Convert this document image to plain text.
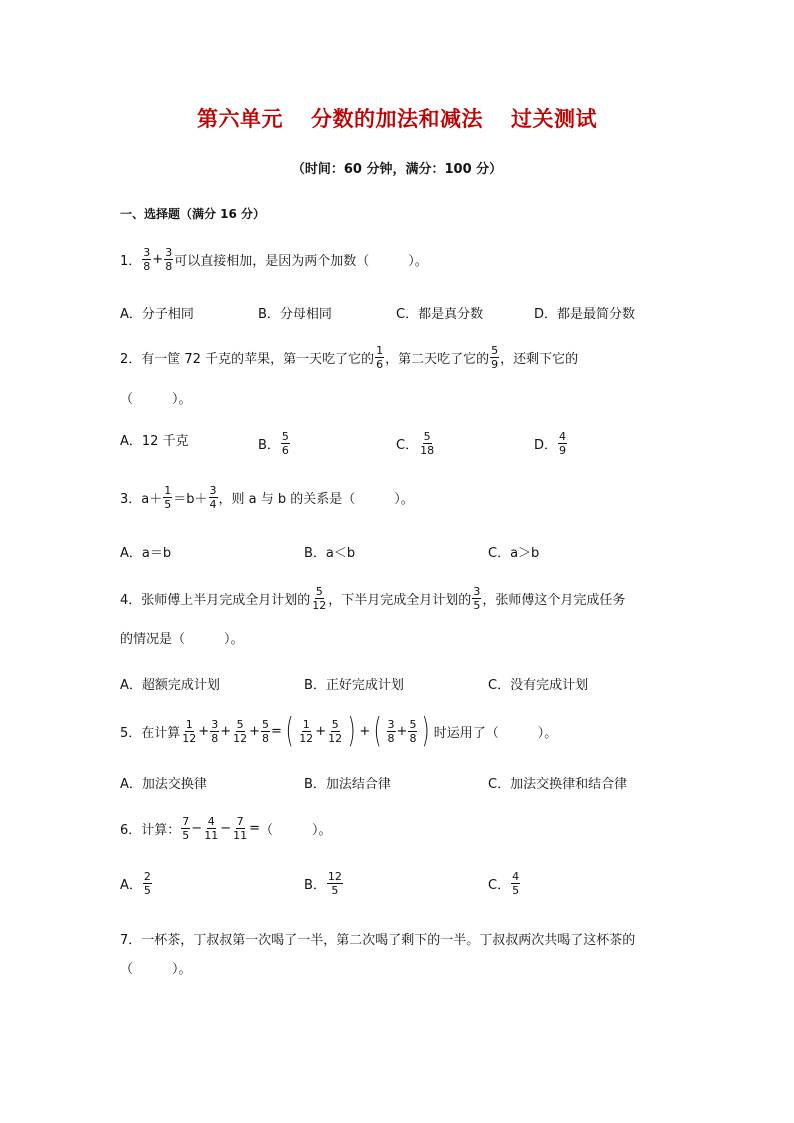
第六单元 分数的加法和减法 过关测试
（时间：60 分钟，满分：100 分）
一、选择题（满分 16 分）
1． $\frac{3}{8} + \frac{3}{8}$ 可以直接相加，是因为两个加数（　　　）。
A．分子相同	B．分母相同	C．都是真分数	D．都是最简分数
2． 有一筐 72 千克的苹果，第一天吃了它的 $\frac{1}{6}$ ，第二天吃了它的 $\frac{5}{9}$ ，还剩下它的
（　　　）。
A．12 千克	B． $\frac{5}{6}$	C． $\frac{5}{18}$	D． $\frac{4}{9}$
3． $a+ \frac{1}{5} =b+ \frac{3}{4}$ ，则 a 与 b 的关系是（　　　）。
A．a＝b	B．a＜b	C．a＞b
4． 张师傅上半月完成全月计划的 $\frac{5}{12}$ ，下半月完成全月计划的 $\frac{3}{5}$ ，张师傅这个月完成任务
的情况是（　　　）。
A．超额完成计划	B．正好完成计划	C．没有完成计划
5． 在计算 $\frac{1}{12} + \frac{3}{8} + \frac{5}{12} + \frac{5}{8}$ = ( $\frac{1}{12} + \frac{5}{12}$ ) + ( $\frac{3}{8} + \frac{5}{8}$ ) 时运用了（　　　）。
A．加法交换律	B．加法结合律	C．加法交换律和结合律
6． 计算： $\frac{7}{5} - \frac{4}{11} - \frac{7}{11}$ = （　　　）。
A． $\frac{2}{5}$	B． $\frac{12}{5}$	C． $\frac{4}{5}$
7． 一杯茶，丁叔叔第一次喝了一半，第二次喝了剩下的一半。丁叔叔两次共喝了这杯茶的
（　　　）。
